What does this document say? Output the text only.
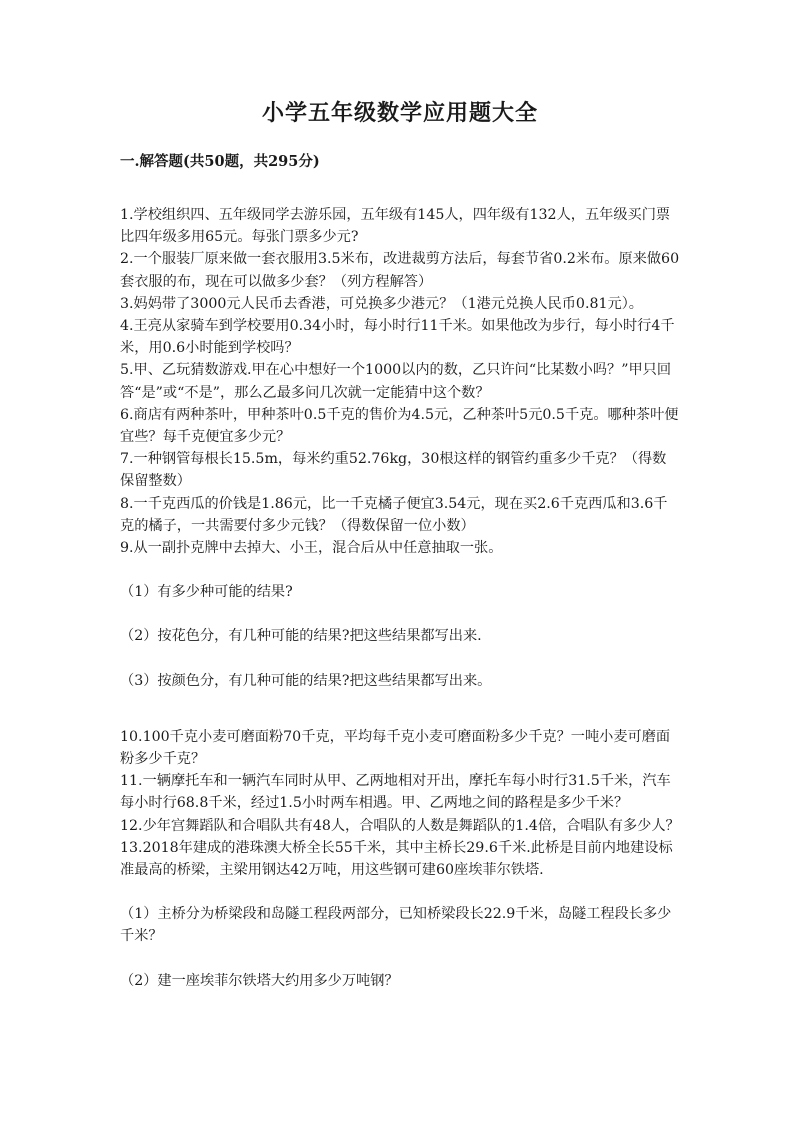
小学五年级数学应用题大全
一.解答题(共50题，共295分)

1.学校组织四、五年级同学去游乐园，五年级有145人，四年级有132人，五年级买门票比四年级多用65元。每张门票多少元?

2.一个服装厂原来做一套衣服用3.5米布，改进裁剪方法后，每套节省0.2米布。原来做60套衣服的布，现在可以做多少套？（列方程解答）

3.妈妈带了3000元人民币去香港，可兑换多少港元？（1港元兑换人民币0.81元）。

4.王亮从家骑车到学校要用0.34小时，每小时行11千米。如果他改为步行，每小时行4千米，用0.6小时能到学校吗？

5.甲、乙玩猜数游戏.甲在心中想好一个1000以内的数，乙只许问“比某数小吗？”甲只回答“是”或“不是”，那么乙最多问几次就一定能猜中这个数？

6.商店有两种茶叶，甲种茶叶0.5千克的售价为4.5元，乙种茶叶5元0.5千克。哪种茶叶便宜些？每千克便宜多少元？

7.一种钢管每根长15.5m，每米约重52.76kg，30根这样的钢管约重多少千克？（得数保留整数）

8.一千克西瓜的价钱是1.86元，比一千克橘子便宜3.54元，现在买2.6千克西瓜和3.6千克的橘子，一共需要付多少元钱？（得数保留一位小数）

9.从一副扑克牌中去掉大、小王，混合后从中任意抽取一张。

（1）有多少种可能的结果?

（2）按花色分，有几种可能的结果?把这些结果都写出来.

（3）按颜色分，有几种可能的结果?把这些结果都写出来。

10.100千克小麦可磨面粉70千克，平均每千克小麦可磨面粉多少千克？一吨小麦可磨面粉多少千克？

11.一辆摩托车和一辆汽车同时从甲、乙两地相对开出，摩托车每小时行31.5千米，汽车每小时行68.8千米，经过1.5小时两车相遇。甲、乙两地之间的路程是多少千米？

12.少年宫舞蹈队和合唱队共有48人，合唱队的人数是舞蹈队的1.4倍，合唱队有多少人？

13.2018年建成的港珠澳大桥全长55千米，其中主桥长29.6千米.此桥是目前内地建设标准最高的桥梁，主梁用钢达42万吨，用这些钢可建60座埃菲尔铁塔.

（1）主桥分为桥梁段和岛隧工程段两部分，已知桥梁段长22.9千米，岛隧工程段长多少千米？

（2）建一座埃菲尔铁塔大约用多少万吨钢？
